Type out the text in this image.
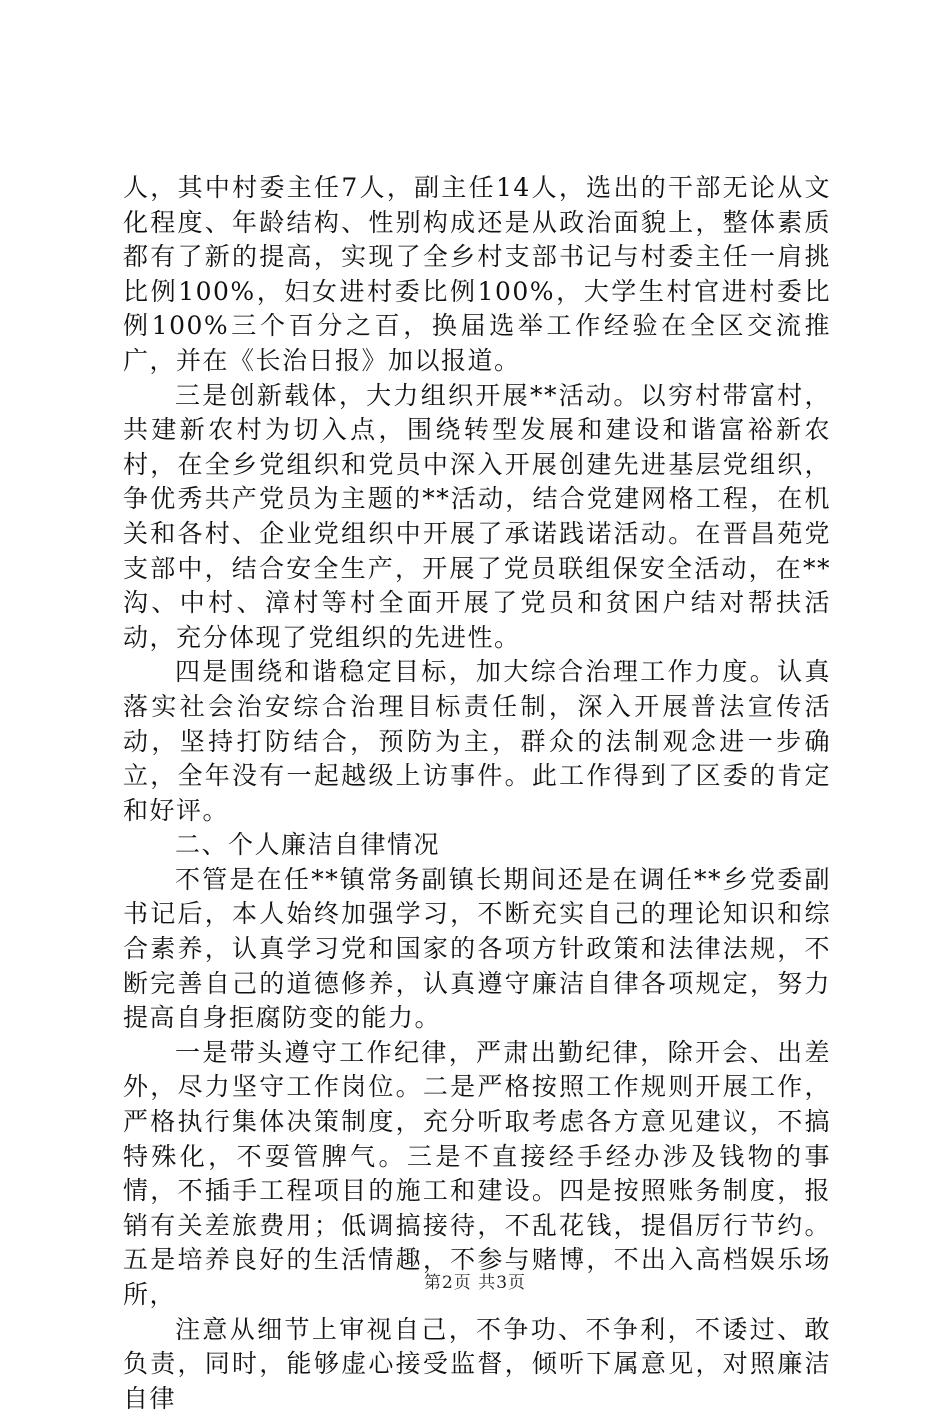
人，其中村委主任7人，副主任14人，选出的干部无论从文化程度、年龄结构、性别构成还是从政治面貌上，整体素质都有了新的提高，实现了全乡村支部书记与村委主任一肩挑比例100%，妇女进村委比例100%，大学生村官进村委比例100%三个百分之百，换届选举工作经验在全区交流推广，并在《长治日报》加以报道。

三是创新载体，大力组织开展**活动。以穷村带富村，共建新农村为切入点，围绕转型发展和建设和谐富裕新农村，在全乡党组织和党员中深入开展创建先进基层党组织，争优秀共产党员为主题的**活动，结合党建网格工程，在机关和各村、企业党组织中开展了承诺践诺活动。在晋昌苑党支部中，结合安全生产，开展了党员联组保安全活动，在**沟、中村、漳村等村全面开展了党员和贫困户结对帮扶活动，充分体现了党组织的先进性。

四是围绕和谐稳定目标，加大综合治理工作力度。认真落实社会治安综合治理目标责任制，深入开展普法宣传活动，坚持打防结合，预防为主，群众的法制观念进一步确立，全年没有一起越级上访事件。此工作得到了区委的肯定和好评。

二、个人廉洁自律情况

不管是在任**镇常务副镇长期间还是在调任**乡党委副书记后，本人始终加强学习，不断充实自己的理论知识和综合素养，认真学习党和国家的各项方针政策和法律法规，不断完善自己的道德修养，认真遵守廉洁自律各项规定，努力提高自身拒腐防变的能力。

一是带头遵守工作纪律，严肃出勤纪律，除开会、出差外，尽力坚守工作岗位。二是严格按照工作规则开展工作，严格执行集体决策制度，充分听取考虑各方意见建议，不搞特殊化，不耍管脾气。三是不直接经手经办涉及钱物的事情，不插手工程项目的施工和建设。四是按照账务制度，报销有关差旅费用；低调搞接待，不乱花钱，提倡厉行节约。五是培养良好的生活情趣，不参与赌博，不出入高档娱乐场所，

注意从细节上审视自己，不争功、不争利，不诿过、敢负责，同时，能够虚心接受监督，倾听下属意见，对照廉洁自律

第2页 共3页
